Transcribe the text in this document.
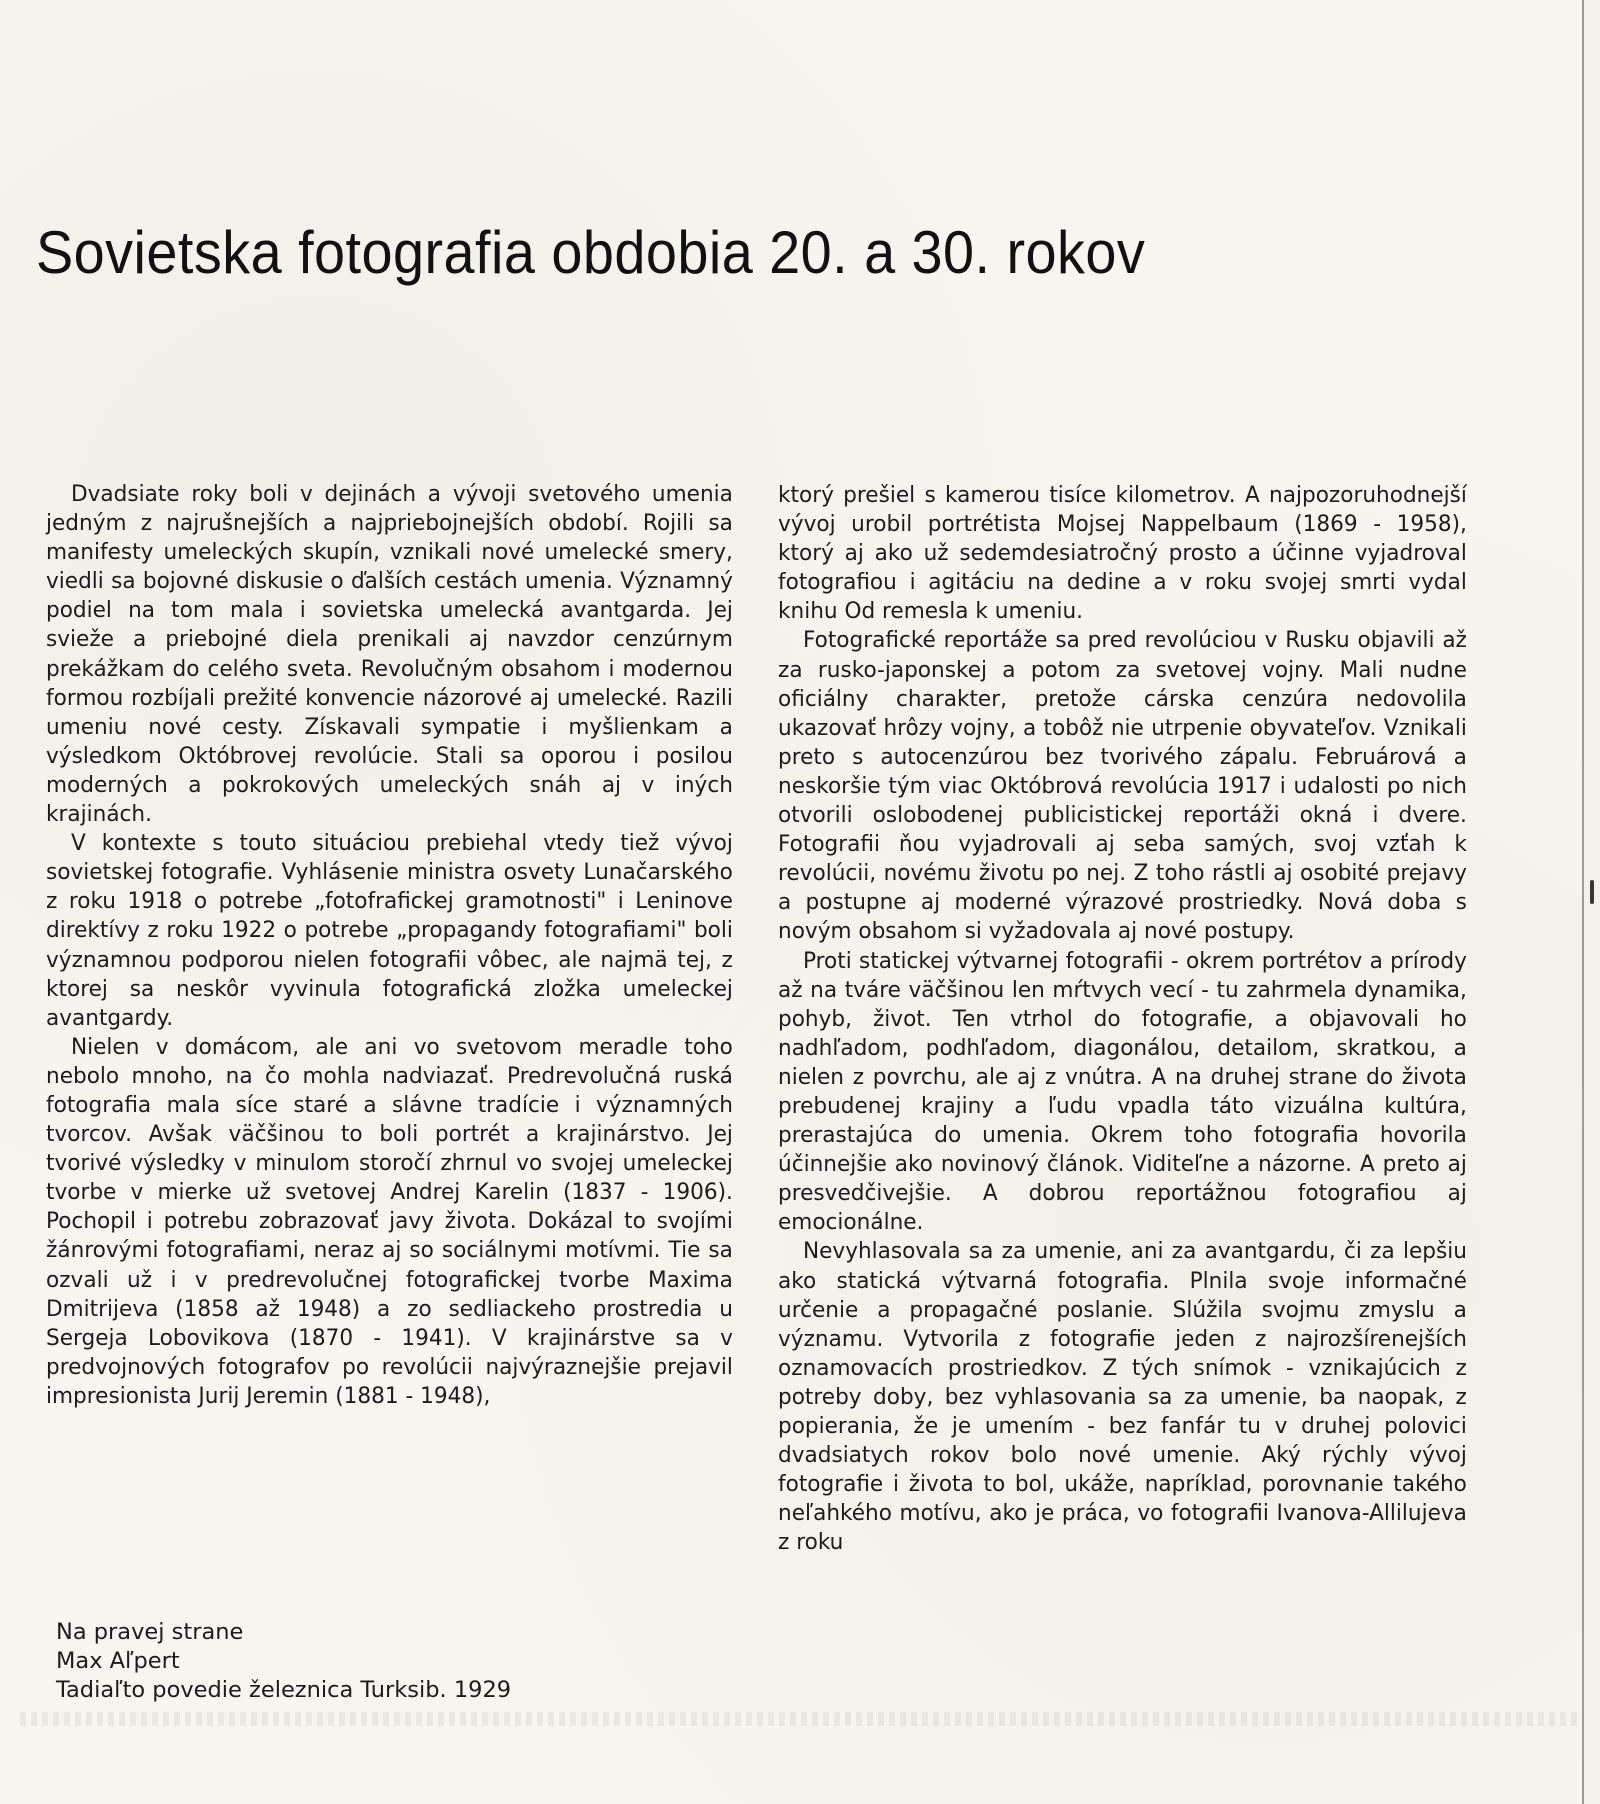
Sovietska fotografia obdobia 20. a 30. rokov

Dvadsiate roky boli v dejinách a vývoji svetového umenia jedným z najrušnejších a najpriebojnejších období. Rojili sa manifesty umeleckých skupín, vznikali nové umelecké smery, viedli sa bojovné diskusie o ďalších cestách umenia. Významný podiel na tom mala i sovietska umelecká avantgarda. Jej svieže a priebojné diela prenikali aj navzdor cenzúrnym prekážkam do celého sveta. Revolučným obsahom i modernou formou rozbíjali prežité konvencie názorové aj umelecké. Razili umeniu nové cesty. Získavali sympatie i myšlienkam a výsledkom Októbrovej revolúcie. Stali sa oporou i posilou moderných a pokrokových umeleckých snáh aj v iných krajinách.

V kontexte s touto situáciou prebiehal vtedy tiež vývoj sovietskej fotografie. Vyhlásenie ministra osvety Lunačarského z roku 1918 o potrebe „fotofrafickej gramotnosti" i Leninove direktívy z roku 1922 o potrebe „propagandy fotografiami" boli významnou podporou nielen fotografii vôbec, ale najmä tej, z ktorej sa neskôr vyvinula fotografická zložka umeleckej avantgardy.

Nielen v domácom, ale ani vo svetovom meradle toho nebolo mnoho, na čo mohla nadviazať. Predrevolučná ruská fotografia mala síce staré a slávne tradície i významných tvorcov. Avšak väčšinou to boli portrét a krajinárstvo. Jej tvorivé výsledky v minulom storočí zhrnul vo svojej umeleckej tvorbe v mierke už svetovej Andrej Karelin (1837 - 1906). Pochopil i potrebu zobrazovať javy života. Dokázal to svojími žánrovými fotografiami, neraz aj so sociálnymi motívmi. Tie sa ozvali už i v predrevolučnej fotografickej tvorbe Maxima Dmitrijeva (1858 až 1948) a zo sedliackeho prostredia u Sergeja Lobovikova (1870 - 1941). V krajinárstve sa v predvojnových fotografov po revolúcii najvýraznejšie prejavil impresionista Jurij Jeremin (1881 - 1948),

ktorý prešiel s kamerou tisíce kilometrov. A najpozoruhodnejší vývoj urobil portrétista Mojsej Nappelbaum (1869 - 1958), ktorý aj ako už sedemdesiatročný prosto a účinne vyjadroval fotografiou i agitáciu na dedine a v roku svojej smrti vydal knihu Od remesla k umeniu.

Fotografické reportáže sa pred revolúciou v Rusku objavili až za rusko-japonskej a potom za svetovej vojny. Mali nudne oficiálny charakter, pretože cárska cenzúra nedovolila ukazovať hrôzy vojny, a tobôž nie utrpenie obyvateľov. Vznikali preto s autocenzúrou bez tvorivého zápalu. Februárová a neskoršie tým viac Októbrová revolúcia 1917 i udalosti po nich otvorili oslobodenej publicistickej reportáži okná i dvere. Fotografii ňou vyjadrovali aj seba samých, svoj vzťah k revolúcii, novému životu po nej. Z toho rástli aj osobité prejavy a postupne aj moderné výrazové prostriedky. Nová doba s novým obsahom si vyžadovala aj nové postupy.

Proti statickej výtvarnej fotografii - okrem portrétov a prírody až na tváre väčšinou len mŕtvych vecí - tu zahrmela dynamika, pohyb, život. Ten vtrhol do fotografie, a objavovali ho nadhľadom, podhľadom, diagonálou, detailom, skratkou, a nielen z povrchu, ale aj z vnútra. A na druhej strane do života prebudenej krajiny a ľudu vpadla táto vizuálna kultúra, prerastajúca do umenia. Okrem toho fotografia hovorila účinnejšie ako novinový článok. Viditeľne a názorne. A preto aj presvedčivejšie. A dobrou reportážnou fotografiou aj emocionálne.

Nevyhlasovala sa za umenie, ani za avantgardu, či za lepšiu ako statická výtvarná fotografia. Plnila svoje informačné určenie a propagačné poslanie. Slúžila svojmu zmyslu a významu. Vytvorila z fotografie jeden z najrozšírenejších oznamovacích prostriedkov. Z tých snímok - vznikajúcich z potreby doby, bez vyhlasovania sa za umenie, ba naopak, z popierania, že je umením - bez fanfár tu v druhej polovici dvadsiatych rokov bolo nové umenie. Aký rýchly vývoj fotografie i života to bol, ukáže, napríklad, porovnanie takého neľahkého motívu, ako je práca, vo fotografii Ivanova-Allilujeva z roku

Na pravej strane
Max Aľpert
Tadiaľto povedie železnica Turksib. 1929
